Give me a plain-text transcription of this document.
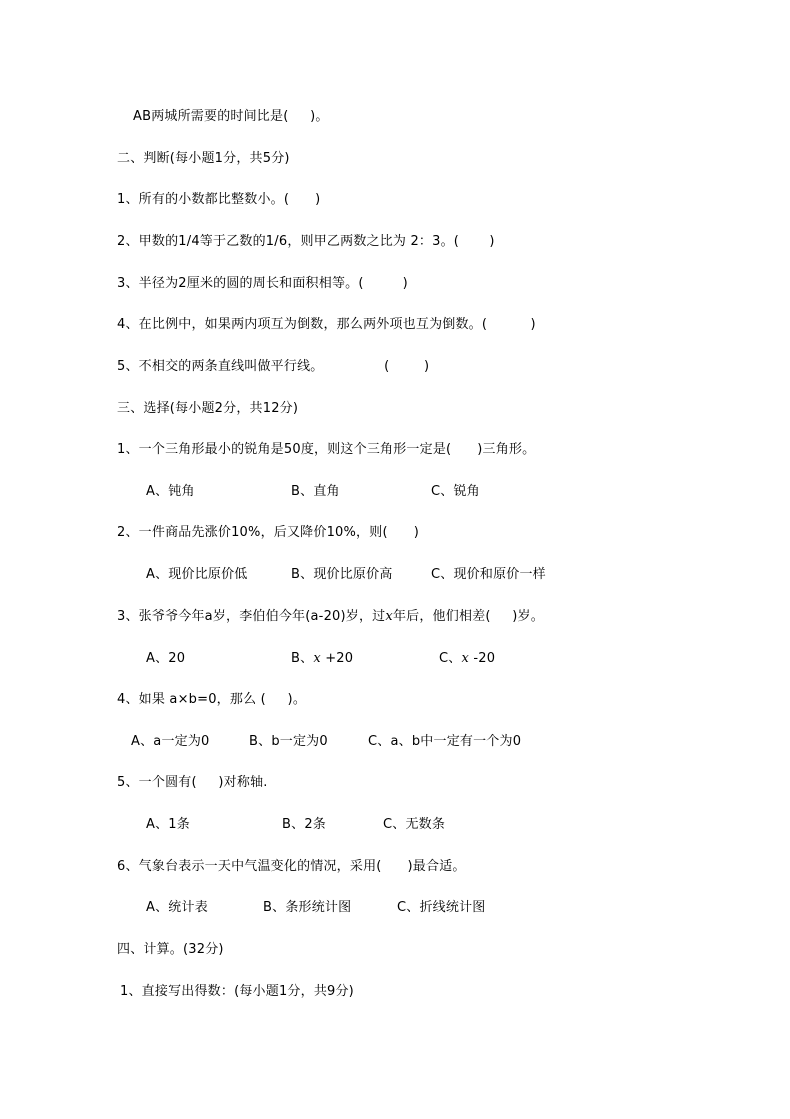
AB两城所需要的时间比是(     )。
二、判断(每小题1分，共5分)
1、所有的小数都比整数小。(      )
2、甲数的1/4等于乙数的1/6，则甲乙两数之比为 2：3。(       )
3、半径为2厘米的圆的周长和面积相等。(         )
4、在比例中，如果两内项互为倒数，那么两外项也互为倒数。(          )
5、不相交的两条直线叫做平行线。              (        )
三、选择(每小题2分，共12分)
1、一个三角形最小的锐角是50度，则这个三角形一定是(      )三角形。
A、钝角	B、直角	C、锐角
2、一件商品先涨价10%，后又降价10%，则(      )
A、现价比原价低	B、现价比原价高	C、现价和原价一样
3、张爷爷今年a岁，李伯伯今年(a-20)岁，过x年后，他们相差(     )岁。
A、20	B、x +20	C、x -20
4、如果 a×b=0，那么 (     )。
A、a一定为0	B、b一定为0	C、a、b中一定有一个为0
5、一个圆有(     )对称轴.
A、1条	B、2条	C、无数条
6、气象台表示一天中气温变化的情况，采用(      )最合适。
A、统计表	B、条形统计图	C、折线统计图
四、计算。(32分)
1、直接写出得数：(每小题1分，共9分)
